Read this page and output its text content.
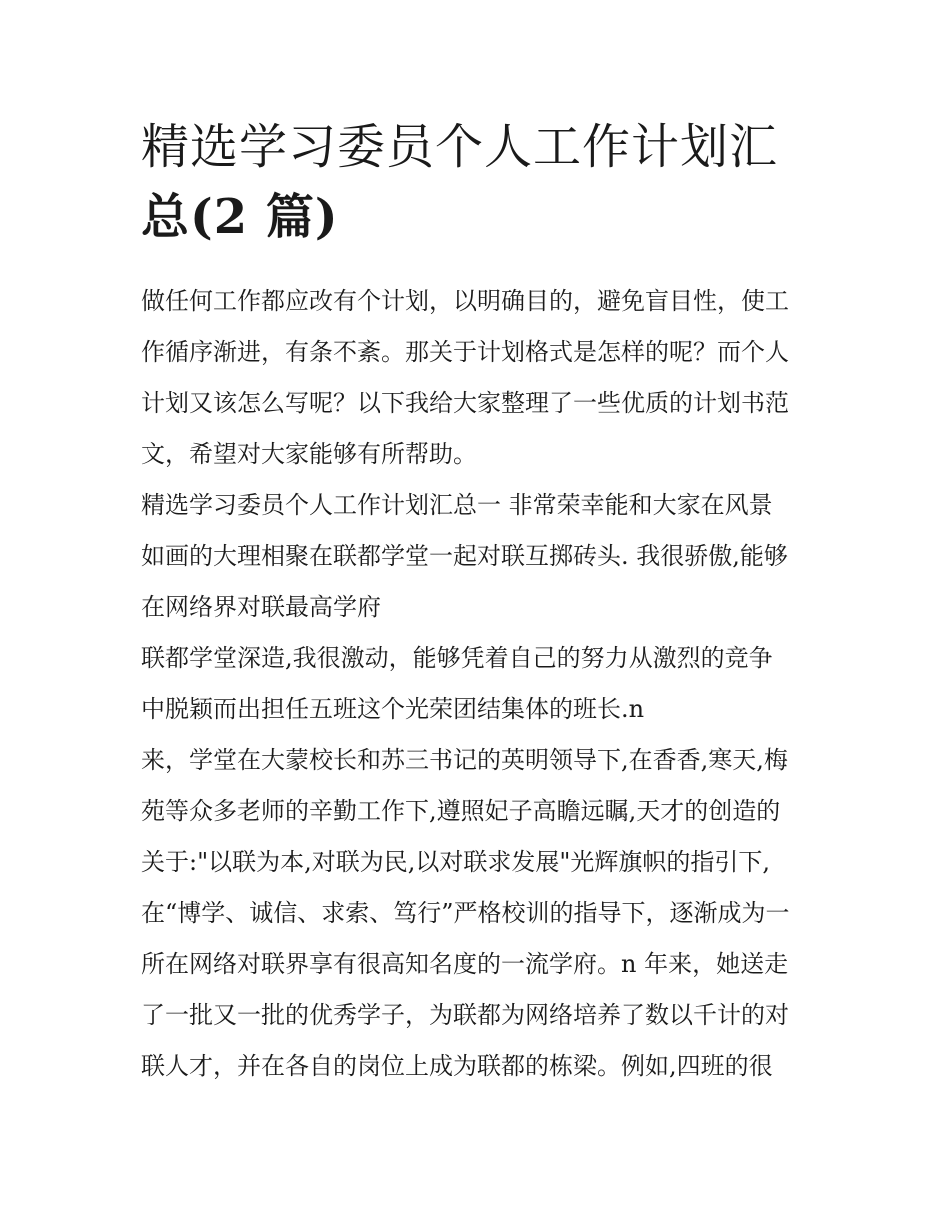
精选学习委员个人工作计划汇
总(2 篇)
做任何工作都应改有个计划，以明确目的，避免盲目性，使工
作循序渐进，有条不紊。那关于计划格式是怎样的呢？而个人
计划又该怎么写呢？以下我给大家整理了一些优质的计划书范
文，希望对大家能够有所帮助。
精选学习委员个人工作计划汇总一 非常荣幸能和大家在风景
如画的大理相聚在联都学堂一起对联互掷砖头. 我很骄傲,能够
在网络界对联最高学府
联都学堂深造,我很激动，能够凭着自己的努力从激烈的竞争
中脱颖而出担任五班这个光荣团结集体的班长.n
来，学堂在大蒙校长和苏三书记的英明领导下,在香香,寒天,梅
苑等众多老师的辛勤工作下,遵照妃子高瞻远瞩,天才的创造的
关于:"以联为本,对联为民,以对联求发展"光辉旗帜的指引下,
在“博学、诚信、求索、笃行”严格校训的指导下，逐渐成为一
所在网络对联界享有很高知名度的一流学府。n 年来，她送走
了一批又一批的优秀学子，为联都为网络培养了数以千计的对
联人才，并在各自的岗位上成为联都的栋梁。例如,四班的很
